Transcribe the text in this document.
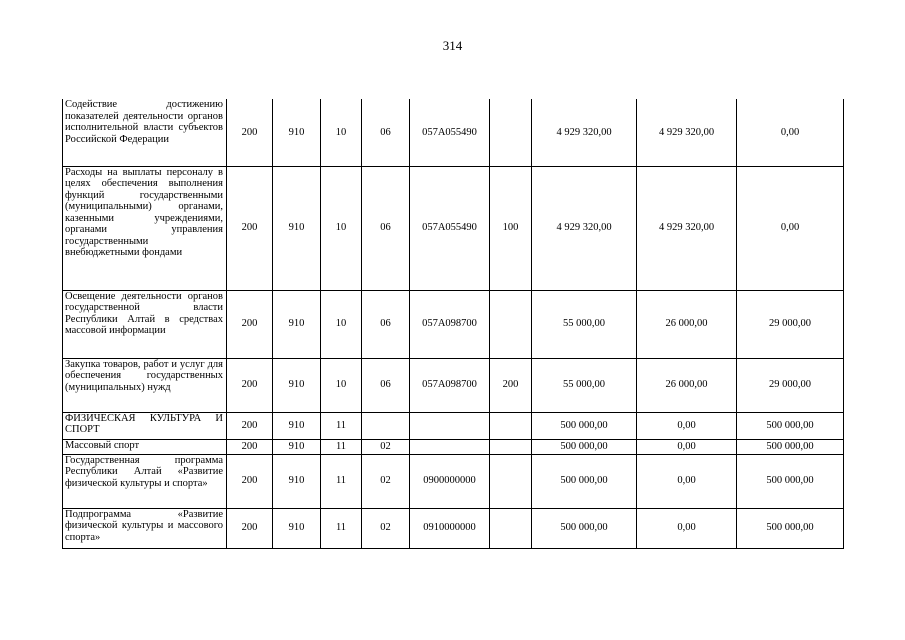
314
Содействие достижению показателей деятельности органов исполнительной власти субъектов Российской Федерации	200	910	10	06	057A055490		4 929 320,00	4 929 320,00	0,00
Расходы на выплаты персоналу в целях обеспечения выполнения функций государственными (муниципальными) органами, казенными учреждениями, органами управления государственными внебюджетными фондами	200	910	10	06	057A055490	100	4 929 320,00	4 929 320,00	0,00
Освещение деятельности органов государственной власти Республики Алтай в средствах массовой информации	200	910	10	06	057A098700		55 000,00	26 000,00	29 000,00
Закупка товаров, работ и услуг для обеспечения государственных (муниципальных) нужд	200	910	10	06	057A098700	200	55 000,00	26 000,00	29 000,00
ФИЗИЧЕСКАЯ КУЛЬТУРА И СПОРТ	200	910	11				500 000,00	0,00	500 000,00
Массовый спорт	200	910	11	02			500 000,00	0,00	500 000,00
Государственная программа Республики Алтай «Развитие физической культуры и спорта»	200	910	11	02	0900000000		500 000,00	0,00	500 000,00
Подпрограмма «Развитие физической культуры и массового спорта»	200	910	11	02	0910000000		500 000,00	0,00	500 000,00
